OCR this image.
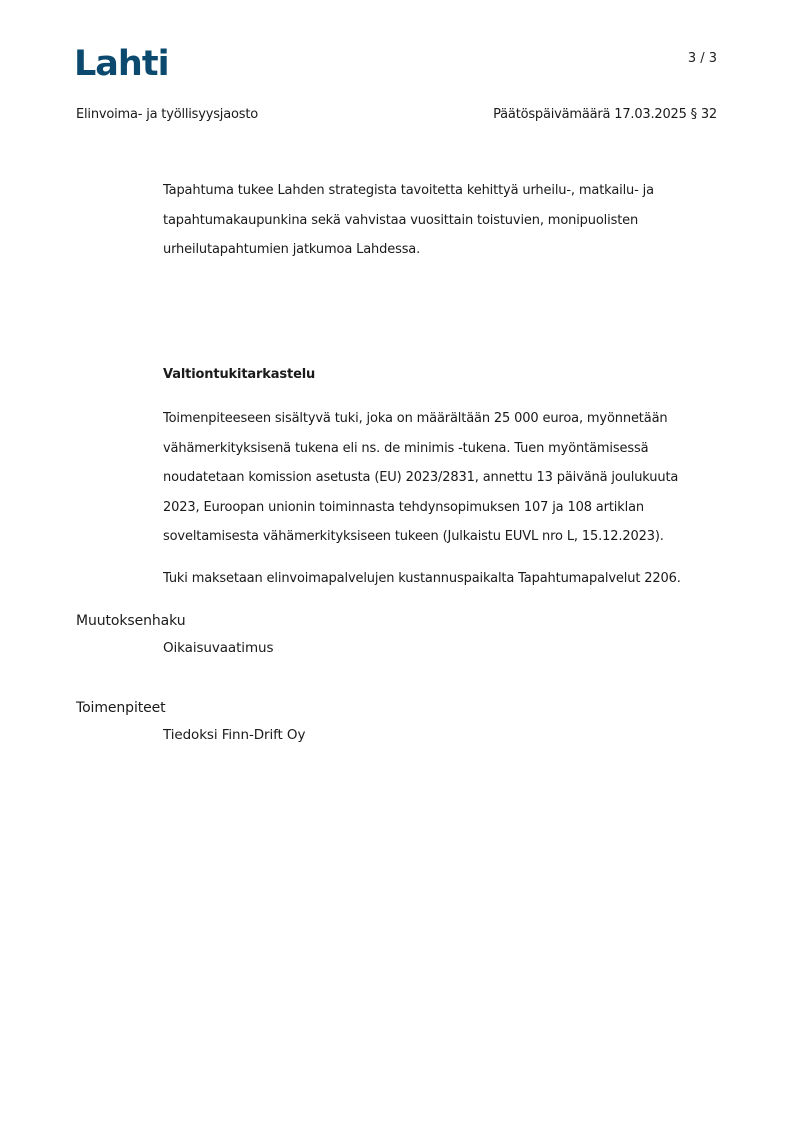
Lahti	3 / 3
Elinvoima- ja työllisyysjaosto	Päätöspäivämäärä 17.03.2025 § 32
Tapahtuma tukee Lahden strategista tavoitetta kehittyä urheilu-, matkailu- ja
tapahtumakaupunkina sekä vahvistaa vuosittain toistuvien, monipuolisten
urheilutapahtumien jatkumoa Lahdessa.
Valtiontukitarkastelu
Toimenpiteeseen sisältyvä tuki, joka on määrältään 25 000 euroa, myönnetään
vähämerkityksisenä tukena eli ns. de minimis -tukena. Tuen myöntämisessä
noudatetaan komission asetusta (EU) 2023/2831, annettu 13 päivänä joulukuuta
2023, Euroopan unionin toiminnasta tehdynsopimuksen 107 ja 108 artiklan
soveltamisesta vähämerkityksiseen tukeen (Julkaistu EUVL nro L, 15.12.2023).
Tuki maksetaan elinvoimapalvelujen kustannuspaikalta Tapahtumapalvelut 2206.
Muutoksenhaku
Oikaisuvaatimus
Toimenpiteet
Tiedoksi Finn-Drift Oy
